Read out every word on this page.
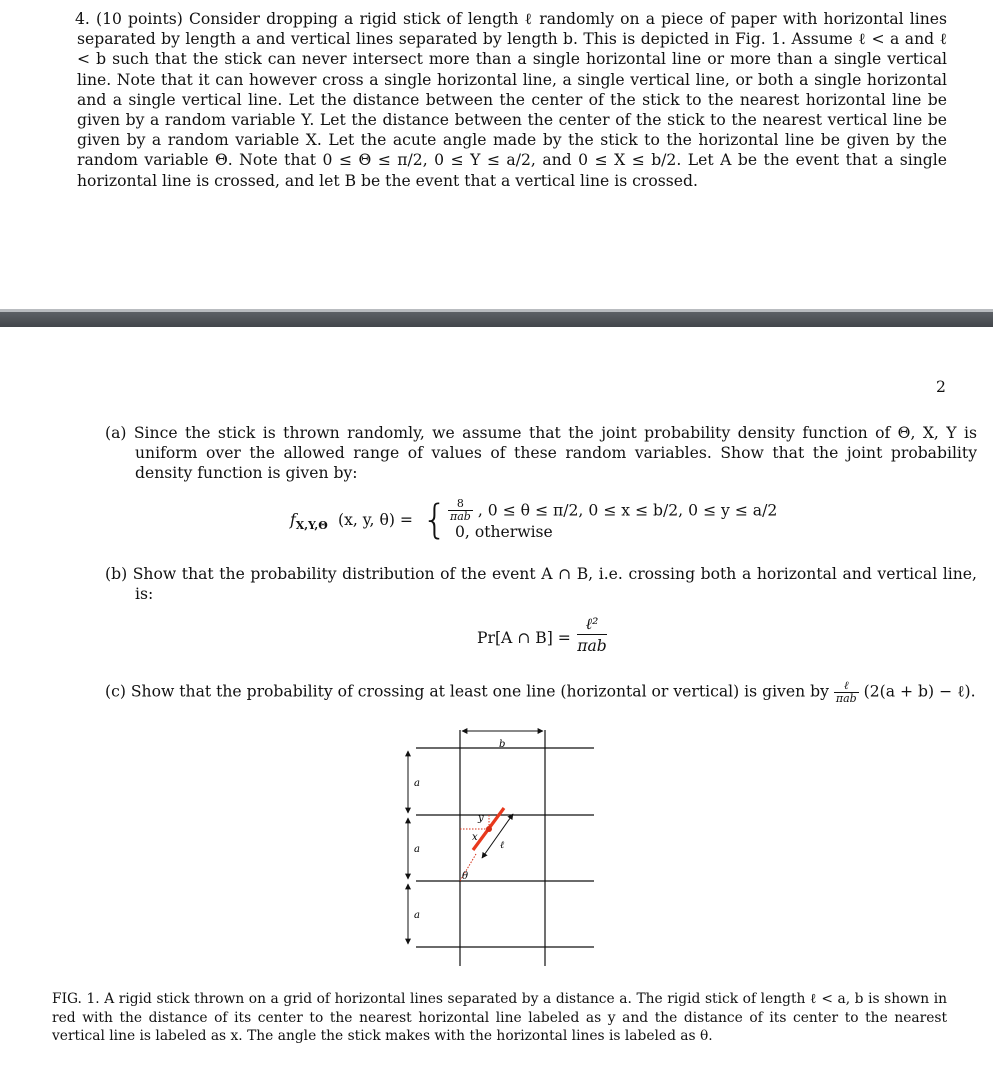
4. (10 points) Consider dropping a rigid stick of length ℓ randomly on a piece of paper with horizontal lines separated by length a and vertical lines separated by length b. This is depicted in Fig. 1. Assume ℓ < a and ℓ < b such that the stick can never intersect more than a single horizontal line or more than a single vertical line. Note that it can however cross a single horizontal line, a single vertical line, or both a single horizontal and a single vertical line. Let the distance between the center of the stick to the nearest horizontal line be given by a random variable Y. Let the distance between the center of the stick to the nearest vertical line be given by a random variable X. Let the acute angle made by the stick to the horizontal line be given by the random variable Θ. Note that 0 ≤ Θ ≤ π/2, 0 ≤ Y ≤ a/2, and 0 ≤ X ≤ b/2. Let A be the event that a single horizontal line is crossed, and let B be the event that a vertical line is crossed.
2
(a) Since the stick is thrown randomly, we assume that the joint probability density function of Θ, X, Y is uniform over the allowed range of values of these random variables. Show that the joint probability density function is given by:
$f_{X,Y,\Theta}$ (x, y, θ) = { $\frac{8}{\text{πab}}$ , 0 ≤ θ ≤ π/2, 0 ≤ x ≤ b/2, 0 ≤ y ≤ a/2
0, otherwise
(b) Show that the probability distribution of the event A ∩ B, i.e. crossing both a horizontal and vertical line, is:
Pr[A ∩ B] =
ℓ²
πab
(c) Show that the probability of crossing at least one line (horizontal or vertical) is given by $\frac{\text{ℓ}}{\text{πab}} (2(a + b)$ − ℓ).
b
a
a
a
y
x
ℓ
θ
FIG. 1. A rigid stick thrown on a grid of horizontal lines separated by a distance a. The rigid stick of length ℓ < a, b is shown in red with the distance of its center to the nearest horizontal line labeled as y and the distance of its center to the nearest vertical line is labeled as x. The angle the stick makes with the horizontal lines is labeled as θ.
